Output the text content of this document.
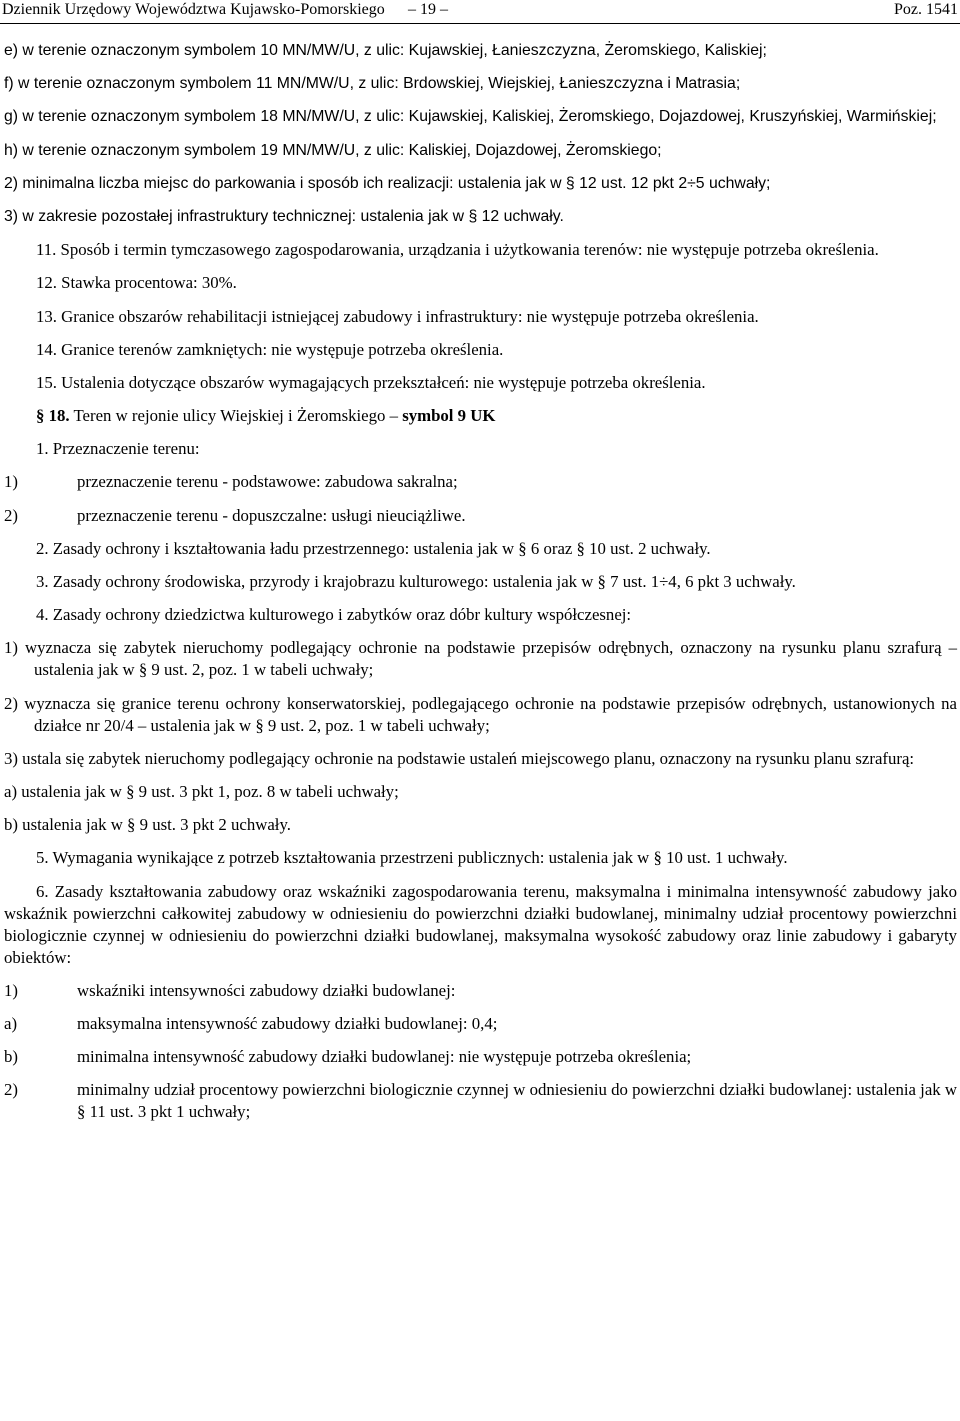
Dziennik Urzędowy Województwa Kujawsko-Pomorskiego – 19 –	Poz. 1541

e) w terenie oznaczonym symbolem 10 MN/MW/U, z ulic: Kujawskiej, Łanieszczyzna, Żeromskiego, Kaliskiej;

f) w terenie oznaczonym symbolem 11 MN/MW/U, z ulic: Brdowskiej, Wiejskiej, Łanieszczyzna i Matrasia;

g) w terenie oznaczonym symbolem 18 MN/MW/U, z ulic: Kujawskiej, Kaliskiej, Żeromskiego, Dojazdowej, Kruszyńskiej, Warmińskiej;

h) w terenie oznaczonym symbolem 19 MN/MW/U, z ulic: Kaliskiej, Dojazdowej, Żeromskiego;

2) minimalna liczba miejsc do parkowania i sposób ich realizacji: ustalenia jak w § 12 ust. 12 pkt 2÷5 uchwały;

3) w zakresie pozostałej infrastruktury technicznej: ustalenia jak w § 12 uchwały.

11. Sposób i termin tymczasowego zagospodarowania, urządzania i użytkowania terenów: nie występuje potrzeba określenia.

12. Stawka procentowa: 30%.

13. Granice obszarów rehabilitacji istniejącej zabudowy i infrastruktury: nie występuje potrzeba określenia.

14. Granice terenów zamkniętych: nie występuje potrzeba określenia.

15. Ustalenia dotyczące obszarów wymagających przekształceń: nie występuje potrzeba określenia.

§ 18. Teren w rejonie ulicy Wiejskiej i Żeromskiego – symbol 9 UK

1. Przeznaczenie terenu:

1)	przeznaczenie terenu - podstawowe: zabudowa sakralna;
2)	przeznaczenie terenu - dopuszczalne: usługi nieuciążliwe.

2. Zasady ochrony i kształtowania ładu przestrzennego: ustalenia jak w § 6 oraz § 10 ust. 2 uchwały.

3. Zasady ochrony środowiska, przyrody i krajobrazu kulturowego: ustalenia jak w § 7 ust. 1÷4, 6 pkt 3 uchwały.

4. Zasady ochrony dziedzictwa kulturowego i zabytków oraz dóbr kultury współczesnej:

1) wyznacza się zabytek nieruchomy podlegający ochronie na podstawie przepisów odrębnych, oznaczony na rysunku planu szrafurą – ustalenia jak w § 9 ust. 2, poz. 1 w tabeli uchwały;

2) wyznacza się granice terenu ochrony konserwatorskiej, podlegającego ochronie na podstawie przepisów odrębnych, ustanowionych na działce nr 20/4 – ustalenia jak w § 9 ust. 2, poz. 1 w tabeli uchwały;

3) ustala się zabytek nieruchomy podlegający ochronie na podstawie ustaleń miejscowego planu, oznaczony na rysunku planu szrafurą:

a) ustalenia jak w § 9 ust. 3 pkt 1, poz. 8 w tabeli uchwały;

b) ustalenia jak w § 9 ust. 3 pkt 2 uchwały.

5. Wymagania wynikające z potrzeb kształtowania przestrzeni publicznych: ustalenia jak w § 10 ust. 1 uchwały.

6. Zasady kształtowania zabudowy oraz wskaźniki zagospodarowania terenu, maksymalna i minimalna intensywność zabudowy jako wskaźnik powierzchni całkowitej zabudowy w odniesieniu do powierzchni działki budowlanej, minimalny udział procentowy powierzchni biologicznie czynnej w odniesieniu do powierzchni działki budowlanej, maksymalna wysokość zabudowy oraz linie zabudowy i gabaryty obiektów:

1)	wskaźniki intensywności zabudowy działki budowlanej:
a)	maksymalna intensywność zabudowy działki budowlanej: 0,4;
b)	minimalna intensywność zabudowy działki budowlanej: nie występuje potrzeba określenia;
2)	minimalny udział procentowy powierzchni biologicznie czynnej w odniesieniu do powierzchni działki budowlanej: ustalenia jak w § 11 ust. 3 pkt 1 uchwały;
